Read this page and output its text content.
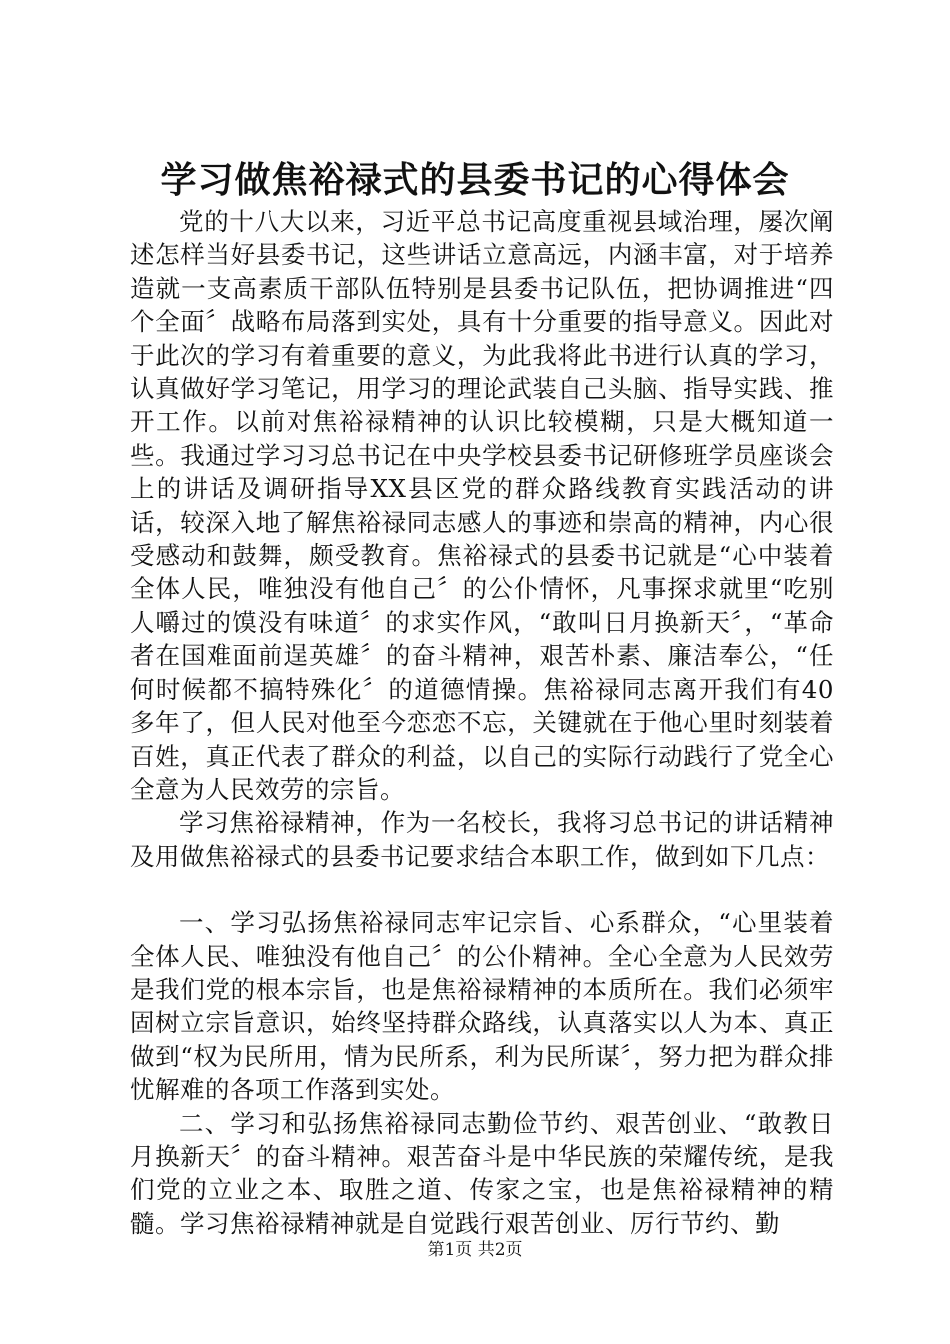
学习做焦裕禄式的县委书记的心得体会

党的十八大以来，习近平总书记高度重视县域治理，屡次阐述怎样当好县委书记，这些讲话立意高远，内涵丰富，对于培养造就一支高素质干部队伍特别是县委书记队伍，把协调推进“四个全面〞战略布局落到实处，具有十分重要的指导意义。因此对于此次的学习有着重要的意义，为此我将此书进行认真的学习，认真做好学习笔记，用学习的理论武装自己头脑、指导实践、推开工作。以前对焦裕禄精神的认识比较模糊，只是大概知道一些。我通过学习习总书记在中央学校县委书记研修班学员座谈会上的讲话及调研指导XX县区党的群众路线教育实践活动的讲话，较深入地了解焦裕禄同志感人的事迹和崇高的精神，内心很受感动和鼓舞，颇受教育。焦裕禄式的县委书记就是“心中装着全体人民，唯独没有他自己〞的公仆情怀，凡事探求就里“吃别人嚼过的馍没有味道〞的求实作风，“敢叫日月换新天〞，“革命者在国难面前逞英雄〞的奋斗精神，艰苦朴素、廉洁奉公，“任何时候都不搞特殊化〞的道德情操。焦裕禄同志离开我们有40多年了，但人民对他至今恋恋不忘，关键就在于他心里时刻装着百姓，真正代表了群众的利益，以自己的实际行动践行了党全心全意为人民效劳的宗旨。

学习焦裕禄精神，作为一名校长，我将习总书记的讲话精神及用做焦裕禄式的县委书记要求结合本职工作，做到如下几点：

一、学习弘扬焦裕禄同志牢记宗旨、心系群众，“心里装着全体人民、唯独没有他自己〞的公仆精神。全心全意为人民效劳是我们党的根本宗旨，也是焦裕禄精神的本质所在。我们必须牢固树立宗旨意识，始终坚持群众路线，认真落实以人为本、真正做到“权为民所用，情为民所系，利为民所谋〞，努力把为群众排忧解难的各项工作落到实处。

二、学习和弘扬焦裕禄同志勤俭节约、艰苦创业、“敢教日月换新天〞的奋斗精神。艰苦奋斗是中华民族的荣耀传统，是我们党的立业之本、取胜之道、传家之宝，也是焦裕禄精神的精髓。学习焦裕禄精神就是自觉践行艰苦创业、厉行节约、勤

第1页 共2页
